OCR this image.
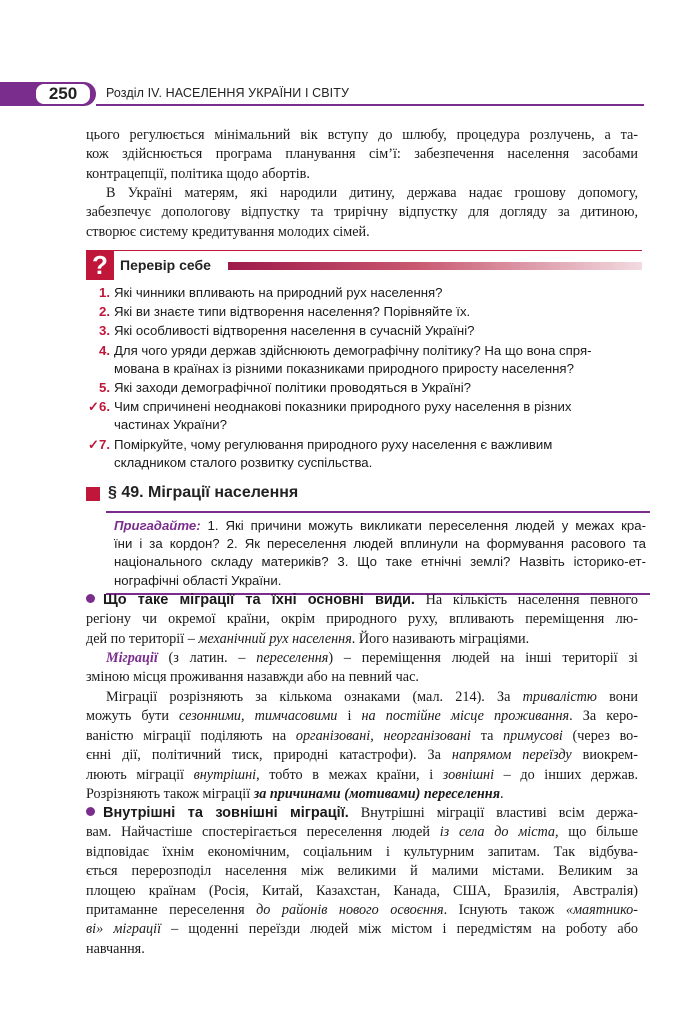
250	Розділ IV. НАСЕЛЕННЯ УКРАЇНИ І СВІТУ

цього регулюється мінімальний вік вступу до шлюбу, процедура розлучень, а та-
кож здійснюється програма планування сім’ї: забезпечення населення засобами
контрацепції, політика щодо абортів.

В Україні матерям, які народили дитину, держава надає грошову допомогу,
забезпечує допологову відпустку та трирічну відпустку для догляду за дитиною,
створює систему кредитування молодих сімей.

? Перевір себе
1. Які чинники впливають на природний рух населення?
2. Які ви знаєте типи відтворення населення? Порівняйте їх.
3. Які особливості відтворення населення в сучасній Україні?
4. Для чого уряди держав здійснюють демографічну політику? На що вона спря-
мована в країнах із різними показниками природного приросту населення?
5. Які заходи демографічної політики проводяться в Україні?
✓6. Чим спричинені неоднакові показники природного руху населення в різних
частинах України?
✓7. Поміркуйте, чому регулювання природного руху населення є важливим
складником сталого розвитку суспільства.
§ 49. Міграції населення
Пригадайте: 1. Які причини можуть викликати переселення людей у межах кра-
їни і за кордон? 2. Як переселення людей вплинули на формування расового та
національного складу материків? 3. Що таке етнічні землі? Назвіть історико-ет-
нографічні області України.

Що таке міграції та їхні основні види. На кількість населення певного
регіону чи окремої країни, окрім природного руху, впливають переміщення лю-
дей по території – механічний рух населення. Його називають міграціями.

Міграції (з латин. – переселення) – переміщення людей на інші території зі
зміною місця проживання назавжди або на певний час.

Міграції розрізняють за кількома ознаками (мал. 214). За тривалістю вони
можуть бути сезонними, тимчасовими і на постійне місце проживання. За керо-
ваністю міграції поділяють на організовані, неорганізовані та примусові (через во-
єнні дії, політичний тиск, природні катастрофи). За напрямом переїзду виокрем-
люють міграції внутрішні, тобто в межах країни, і зовнішні – до інших держав.
Розрізняють також міграції за причинами (мотивами) переселення.

Внутрішні та зовнішні міграції. Внутрішні міграції властиві всім держа-
вам. Найчастіше спостерігається переселення людей із села до міста, що більше
відповідає їхнім економічним, соціальним і культурним запитам. Так відбува-
ється перерозподіл населення між великими й малими містами. Великим за
площею країнам (Росія, Китай, Казахстан, Канада, США, Бразилія, Австралія)
притаманне переселення до районів нового освоєння. Існують також «маятнико-
ві» міграції – щоденні переїзди людей між містом і передмістям на роботу або
навчання.
